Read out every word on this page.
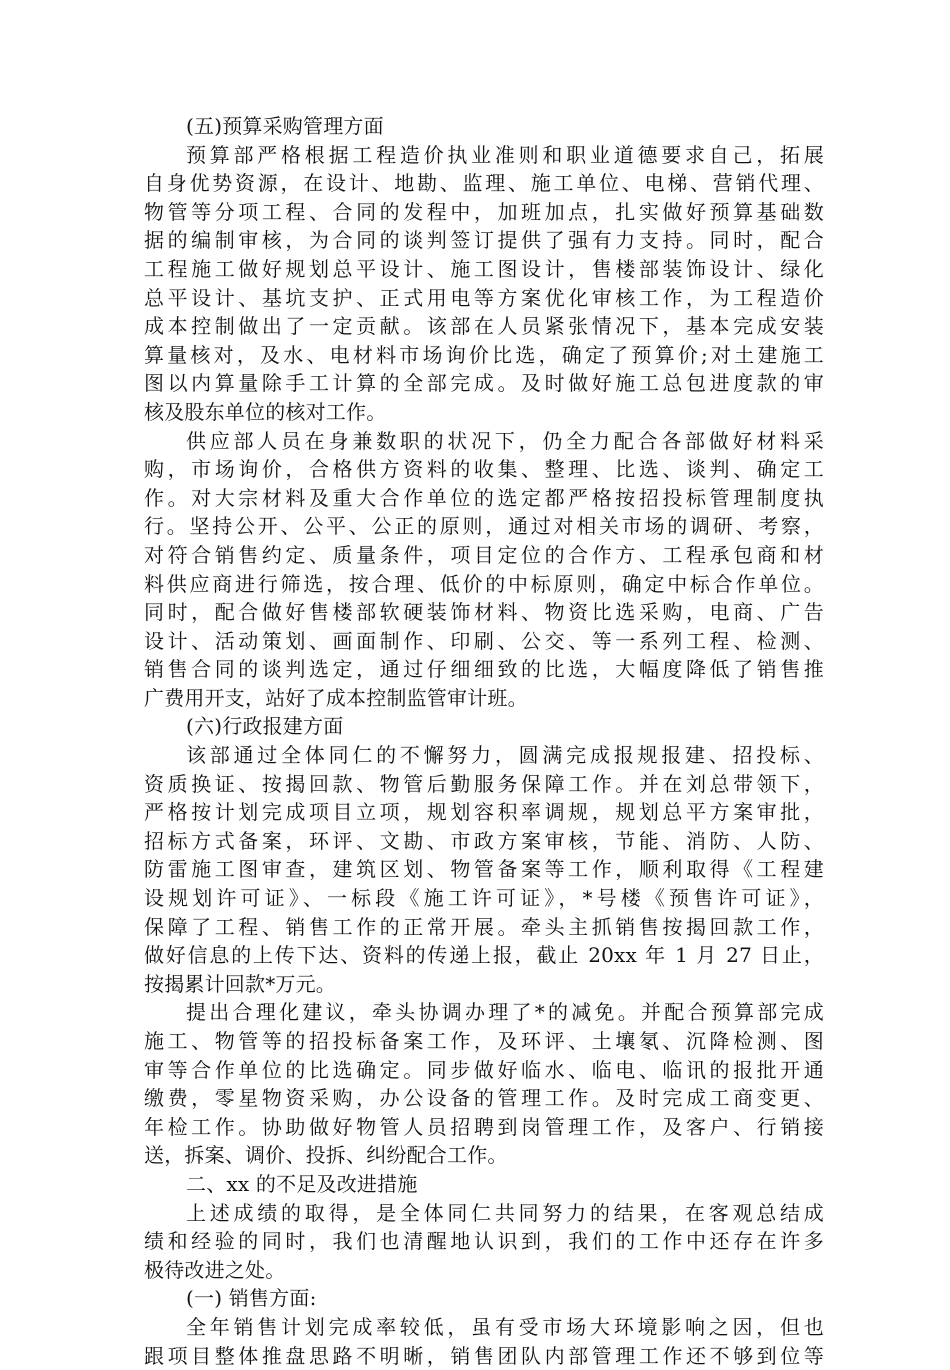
(五)预算采购管理方面
预算部严格根据工程造价执业准则和职业道德要求自己，拓展
自身优势资源，在设计、地勘、监理、施工单位、电梯、营销代理、
物管等分项工程、合同的发程中，加班加点，扎实做好预算基础数
据的编制审核，为合同的谈判签订提供了强有力支持。同时，配合
工程施工做好规划总平设计、施工图设计，售楼部装饰设计、绿化
总平设计、基坑支护、正式用电等方案优化审核工作，为工程造价
成本控制做出了一定贡献。该部在人员紧张情况下，基本完成安装
算量核对，及水、电材料市场询价比选，确定了预算价;对土建施工
图以内算量除手工计算的全部完成。及时做好施工总包进度款的审
核及股东单位的核对工作。
供应部人员在身兼数职的状况下，仍全力配合各部做好材料采
购，市场询价，合格供方资料的收集、整理、比选、谈判、确定工
作。对大宗材料及重大合作单位的选定都严格按招投标管理制度执
行。坚持公开、公平、公正的原则，通过对相关市场的调研、考察，
对符合销售约定、质量条件，项目定位的合作方、工程承包商和材
料供应商进行筛选，按合理、低价的中标原则，确定中标合作单位。
同时，配合做好售楼部软硬装饰材料、物资比选采购，电商、广告
设计、活动策划、画面制作、印刷、公交、等一系列工程、检测、
销售合同的谈判选定，通过仔细细致的比选，大幅度降低了销售推
广费用开支，站好了成本控制监管审计班。
(六)行政报建方面
该部通过全体同仁的不懈努力，圆满完成报规报建、招投标、
资质换证、按揭回款、物管后勤服务保障工作。并在刘总带领下，
严格按计划完成项目立项，规划容积率调规，规划总平方案审批，
招标方式备案，环评、文勘、市政方案审核，节能、消防、人防、
防雷施工图审查，建筑区划、物管备案等工作，顺利取得《工程建
设规划许可证》、一标段《施工许可证》，*号楼《预售许可证》，
保障了工程、销售工作的正常开展。牵头主抓销售按揭回款工作，
做好信息的上传下达、资料的传递上报，截止 20xx 年 1 月 27 日止，
按揭累计回款*万元。
提出合理化建议，牵头协调办理了*的减免。并配合预算部完成
施工、物管等的招投标备案工作，及环评、土壤氡、沉降检测、图
审等合作单位的比选确定。同步做好临水、临电、临讯的报批开通
缴费，零星物资采购，办公设备的管理工作。及时完成工商变更、
年检工作。协助做好物管人员招聘到岗管理工作，及客户、行销接
送，拆案、调价、投拆、纠纷配合工作。
二、xx 的不足及改进措施
上述成绩的取得，是全体同仁共同努力的结果，在客观总结成
绩和经验的同时，我们也清醒地认识到，我们的工作中还存在许多
极待改进之处。
(一) 销售方面:
全年销售计划完成率较低，虽有受市场大环境影响之因，但也
跟项目整体推盘思路不明晰，销售团队内部管理工作还不够到位等
